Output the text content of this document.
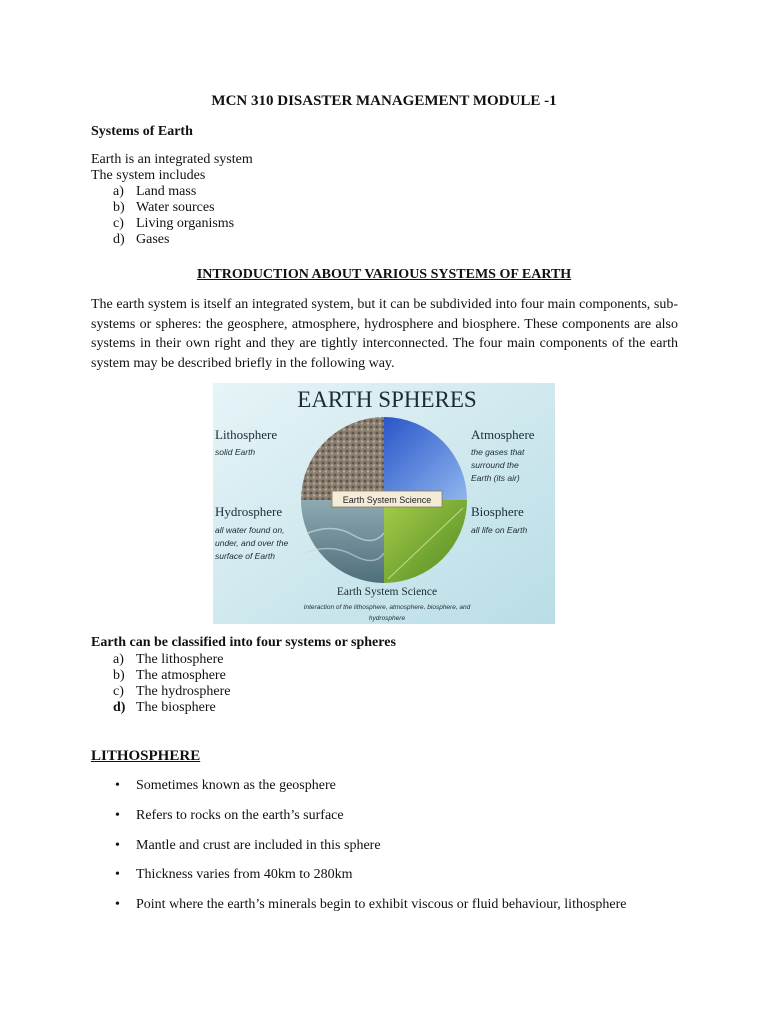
MCN 310 DISASTER MANAGEMENT MODULE -1
Systems of Earth
Earth is an integrated system
The system includes
a) Land mass
b) Water sources
c) Living organisms
d) Gases
INTRODUCTION ABOUT VARIOUS SYSTEMS OF EARTH
The earth system is itself an integrated system, but it can be subdivided into four main components, sub-systems or spheres: the geosphere, atmosphere, hydrosphere and biosphere. These components are also systems in their own right and they are tightly interconnected. The four main components of the earth system may be described briefly in the following way.
EARTH SPHERES
Earth System Science
Lithosphere
solid Earth
Atmosphere
the gases that
surround the
Earth (its air)
Hydrosphere
all water found on,
under, and over the
surface of Earth
Biosphere
all life on Earth
Earth System Science
Interaction of the lithosphere, atmosphere, biosphere, and
hydrosphere
Earth can be classified into four systems or spheres
a) The lithosphere
b) The atmosphere
c) The hydrosphere
d) The biosphere
LITHOSPHERE
• Sometimes known as the geosphere
• Refers to rocks on the earth’s surface
• Mantle and crust are included in this sphere
• Thickness varies from 40km to 280km
• Point where the earth’s minerals begin to exhibit viscous or fluid behaviour, lithosphere
